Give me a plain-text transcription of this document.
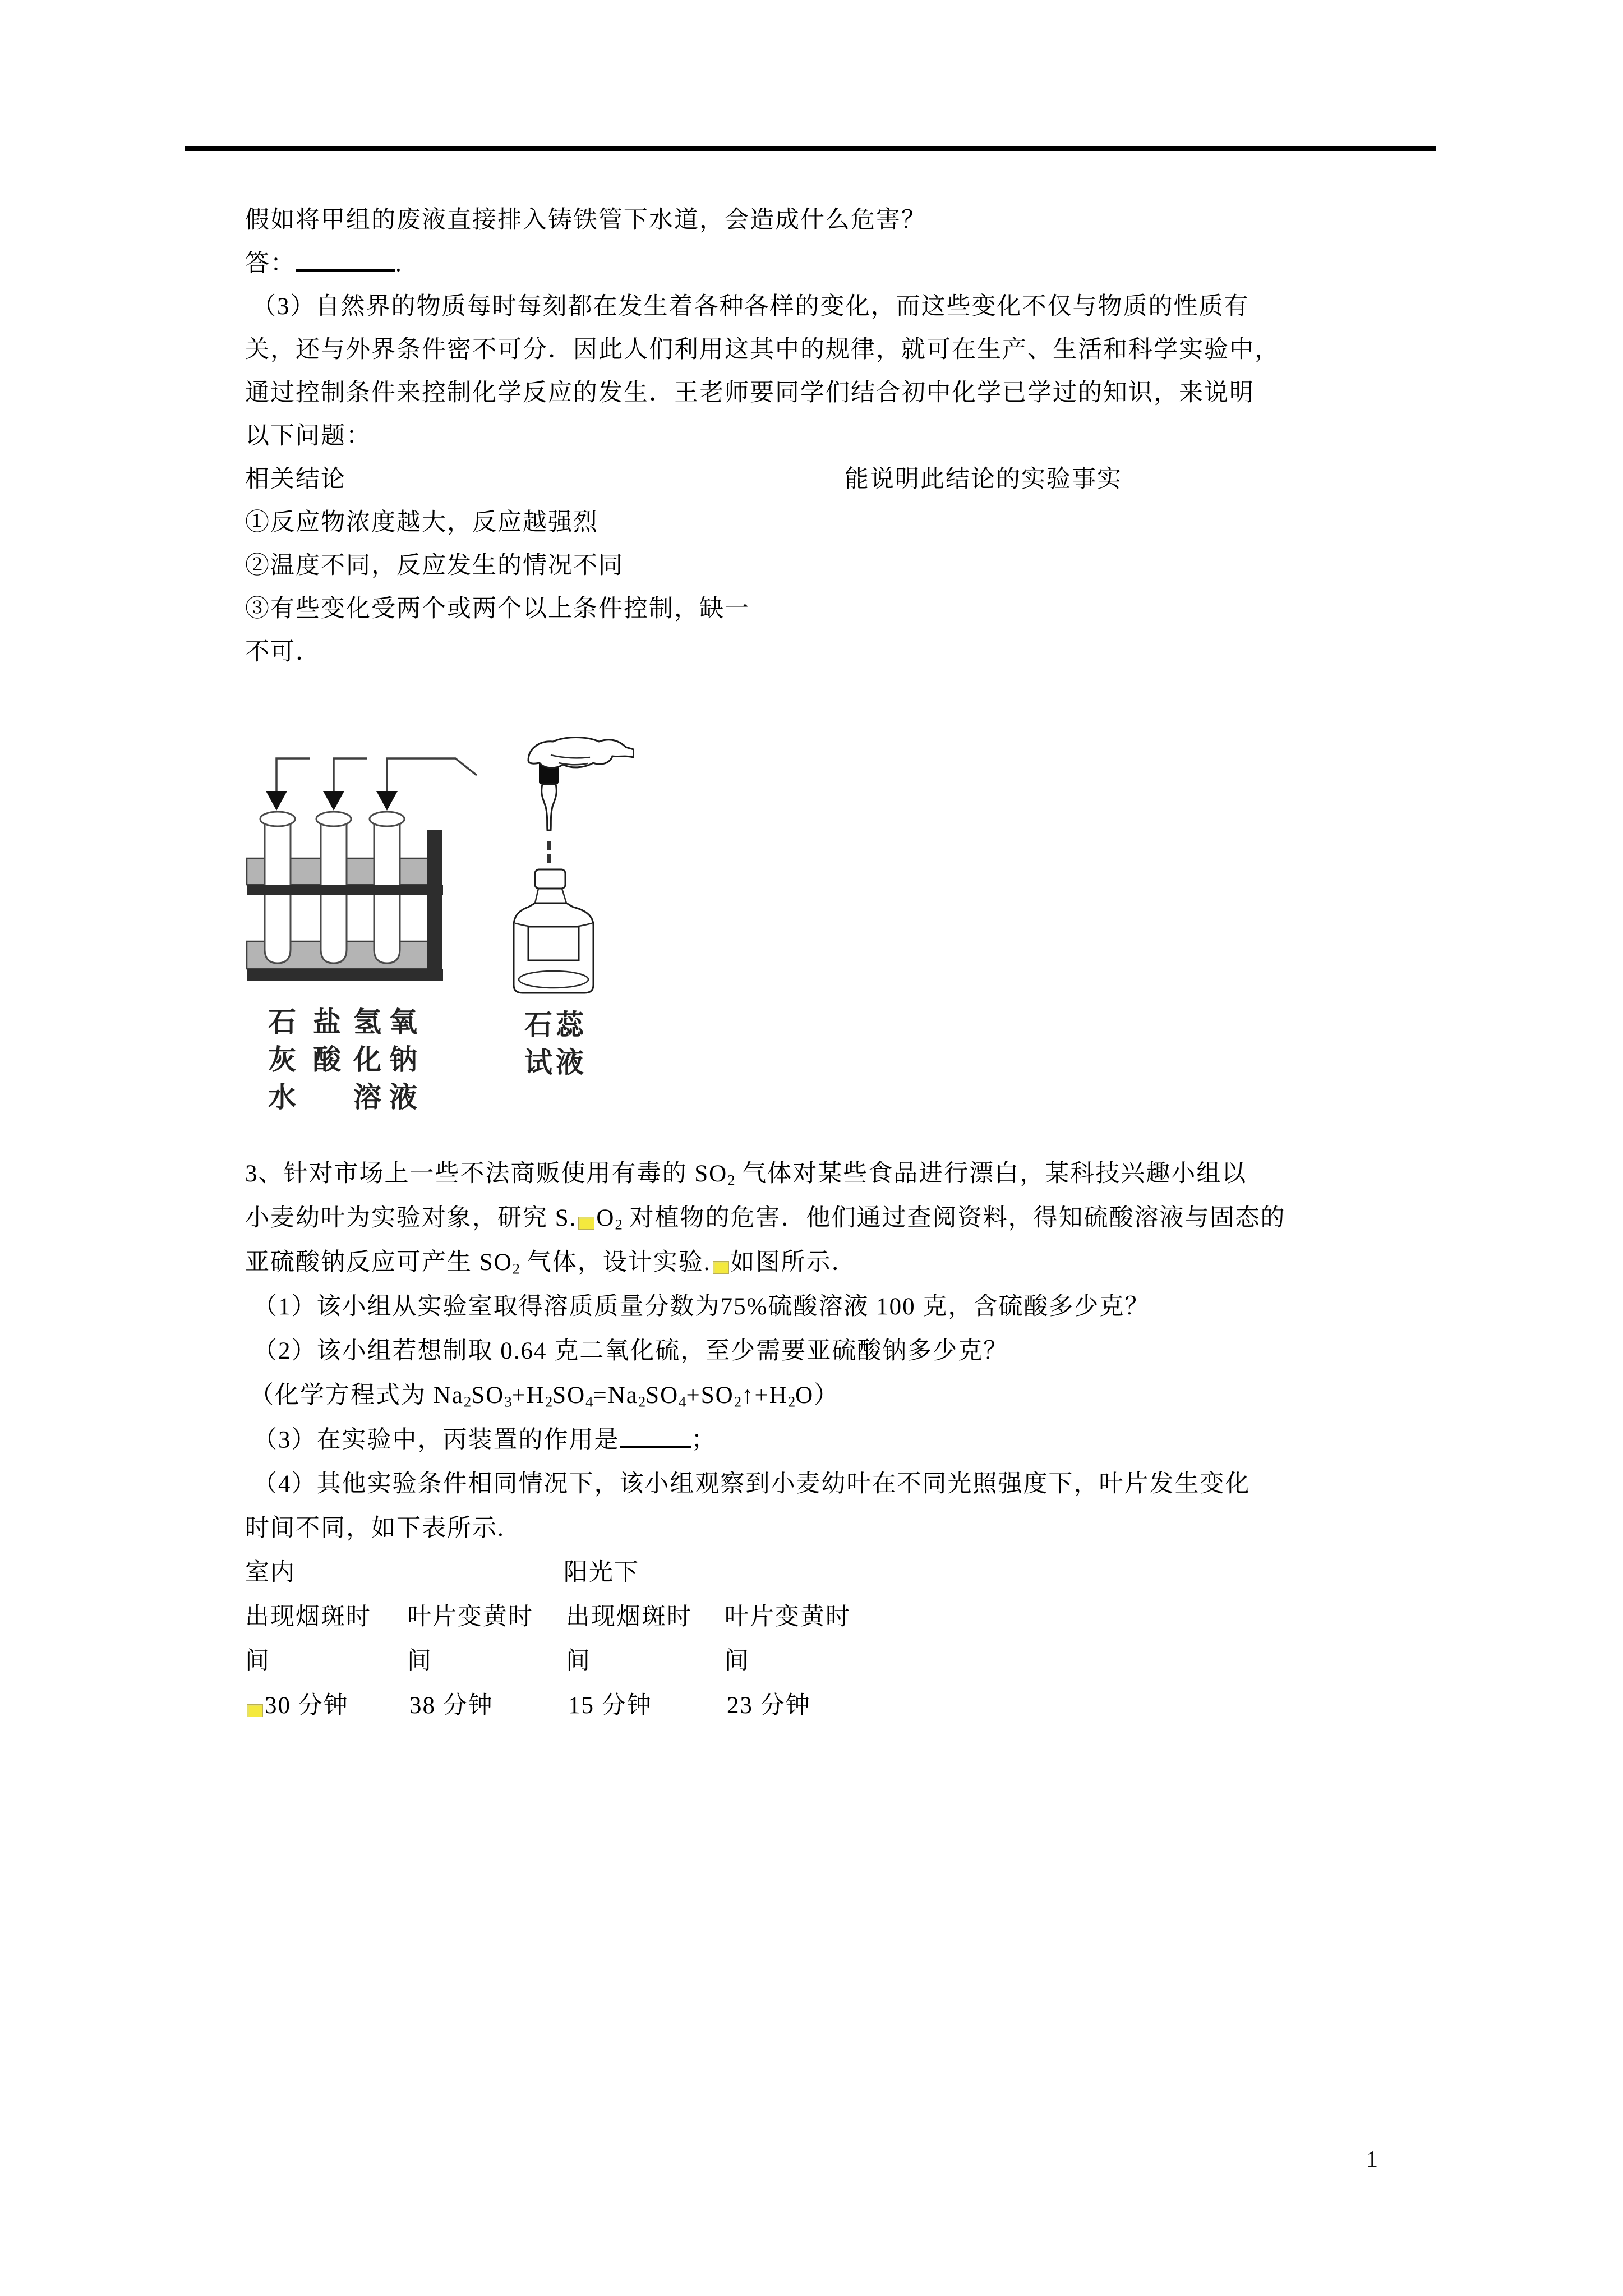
假如将甲组的废液直接排入铸铁管下水道，会造成什么危害？
答：	.
（3）自然界的物质每时每刻都在发生着各种各样的变化，而这些变化不仅与物质的性质有
关，还与外界条件密不可分．因此人们利用这其中的规律，就可在生产、生活和科学实验中，
通过控制条件来控制化学反应的发生．王老师要同学们结合初中化学已学过的知识，来说明
以下问题：
相关结论	能说明此结论的实验事实
①反应物浓度越大，反应越强烈
②温度不同，反应发生的情况不同
③有些变化受两个或两个以上条件控制，缺一
不可．
石
灰
水
盐
酸
氢氧
化钠
溶液
石蕊
试液
3、针对市场上一些不法商贩使用有毒的 $SO_2$ 气体对某些食品进行漂白，某科技兴趣小组以
小麦幼叶为实验对象，研究 S. $O_2$ 对植物的危害．他们通过查阅资料，得知硫酸溶液与固态的
亚硫酸钠反应可产生 $SO_2$ 气体，设计实验. 如图所示．
（1）该小组从实验室取得溶质质量分数为75%硫酸溶液 100 克，含硫酸多少克？
（2）该小组若想制取 0.64 克二氧化硫，至少需要亚硫酸钠多少克？
（化学方程式为 $Na_2SO_3+H_2SO_4=Na_2SO_4+SO_2↑+H_2O$）
（3）在实验中，丙装置的作用是	；
（4）其他实验条件相同情况下，该小组观察到小麦幼叶在不同光照强度下，叶片发生变化
时间不同，如下表所示.
室内	阳光下
出现烟斑时 叶片变黄时 出现烟斑时 叶片变黄时
间	间	间	间
30 分钟	38 分钟	15 分钟	23 分钟
1
